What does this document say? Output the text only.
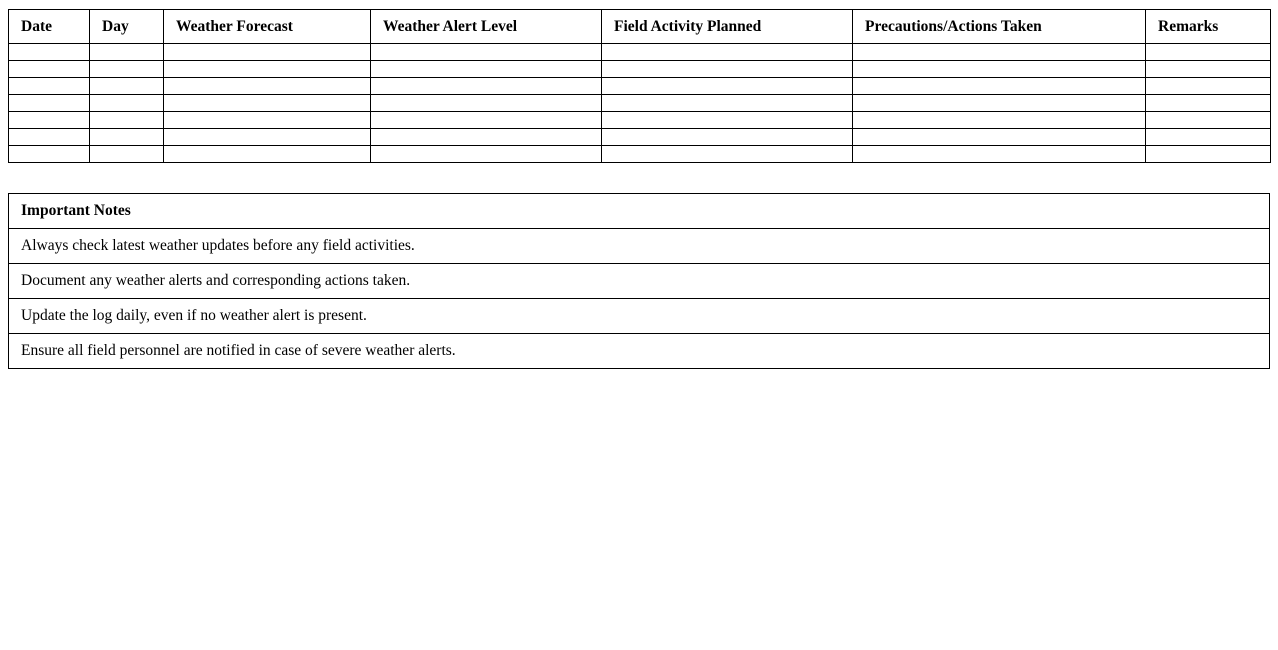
Date	Day	Weather Forecast	Weather Alert Level	Field Activity Planned	Precautions/Actions Taken	Remarks

Important Notes
Always check latest weather updates before any field activities.
Document any weather alerts and corresponding actions taken.
Update the log daily, even if no weather alert is present.
Ensure all field personnel are notified in case of severe weather alerts.
